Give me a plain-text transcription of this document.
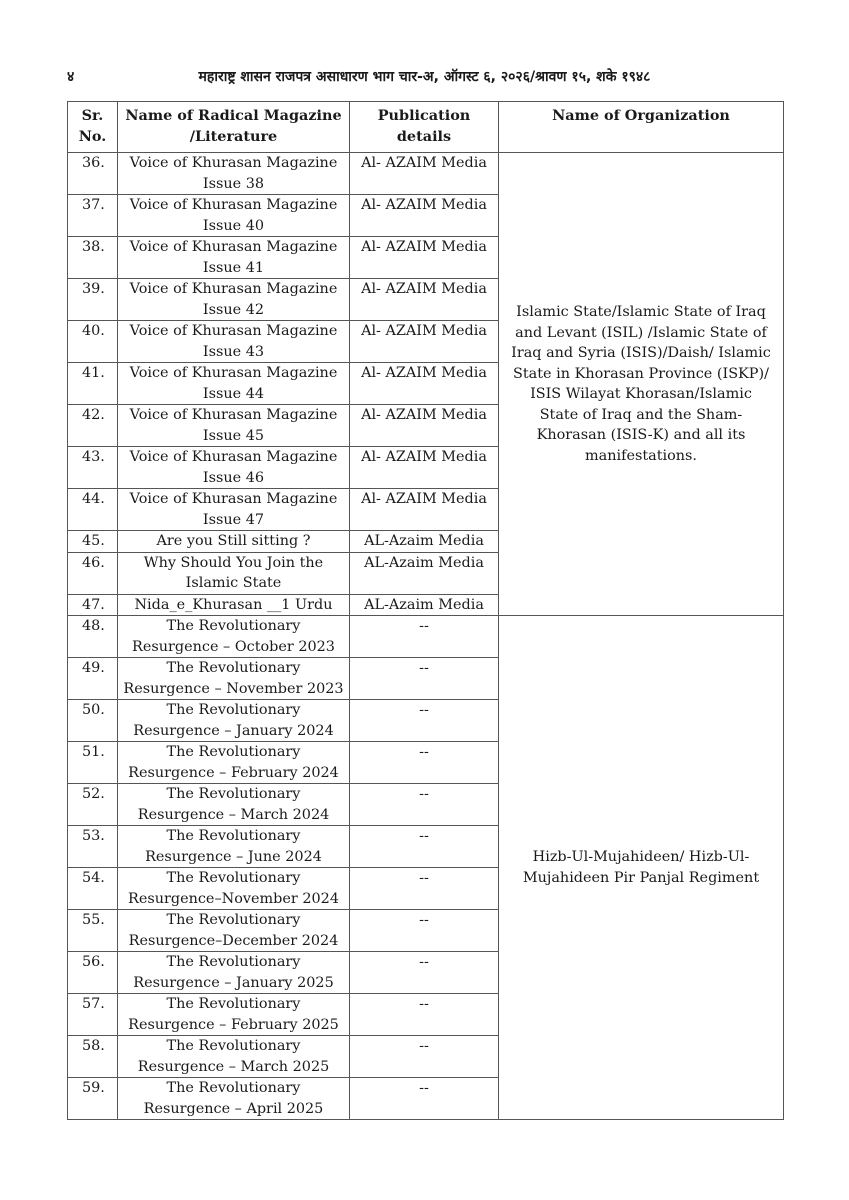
४	महाराष्ट्र शासन राजपत्र असाधारण भाग चार-अ, ऑगस्ट ६, २०२६/श्रावण १५, शके १९४८
Sr. No.	Name of Radical Magazine /Literature	Publication details	Name of Organization
36.	Voice of Khurasan Magazine Issue 38	Al- AZAIM Media	Islamic State/Islamic State of Iraq and Levant (ISIL) /Islamic State of Iraq and Syria (ISIS)/Daish/ Islamic State in Khorasan Province (ISKP)/ ISIS Wilayat Khorasan/Islamic State of Iraq and the Sham-Khorasan (ISIS-K) and all its manifestations.
37.	Voice of Khurasan Magazine Issue 40	Al- AZAIM Media	
38.	Voice of Khurasan Magazine Issue 41	Al- AZAIM Media	
39.	Voice of Khurasan Magazine Issue 42	Al- AZAIM Media	
40.	Voice of Khurasan Magazine Issue 43	Al- AZAIM Media	
41.	Voice of Khurasan Magazine Issue 44	Al- AZAIM Media	
42.	Voice of Khurasan Magazine Issue 45	Al- AZAIM Media	
43.	Voice of Khurasan Magazine Issue 46	Al- AZAIM Media	
44.	Voice of Khurasan Magazine Issue 47	Al- AZAIM Media	
45.	Are you Still sitting ?	AL-Azaim Media	
46.	Why Should You Join the Islamic State	AL-Azaim Media	
47.	Nida_e_Khurasan __1 Urdu	AL-Azaim Media	
48.	The Revolutionary Resurgence – October 2023	--	Hizb-Ul-Mujahideen/ Hizb-Ul-Mujahideen Pir Panjal Regiment
49.	The Revolutionary Resurgence – November 2023	--	
50.	The Revolutionary Resurgence – January 2024	--	
51.	The Revolutionary Resurgence – February 2024	--	
52.	The Revolutionary Resurgence – March 2024	--	
53.	The Revolutionary Resurgence – June 2024	--	
54.	The Revolutionary Resurgence–November 2024	--	
55.	The Revolutionary Resurgence–December 2024	--	
56.	The Revolutionary Resurgence – January 2025	--	
57.	The Revolutionary Resurgence – February 2025	--	
58.	The Revolutionary Resurgence – March 2025	--	
59.	The Revolutionary Resurgence – April 2025	--	
